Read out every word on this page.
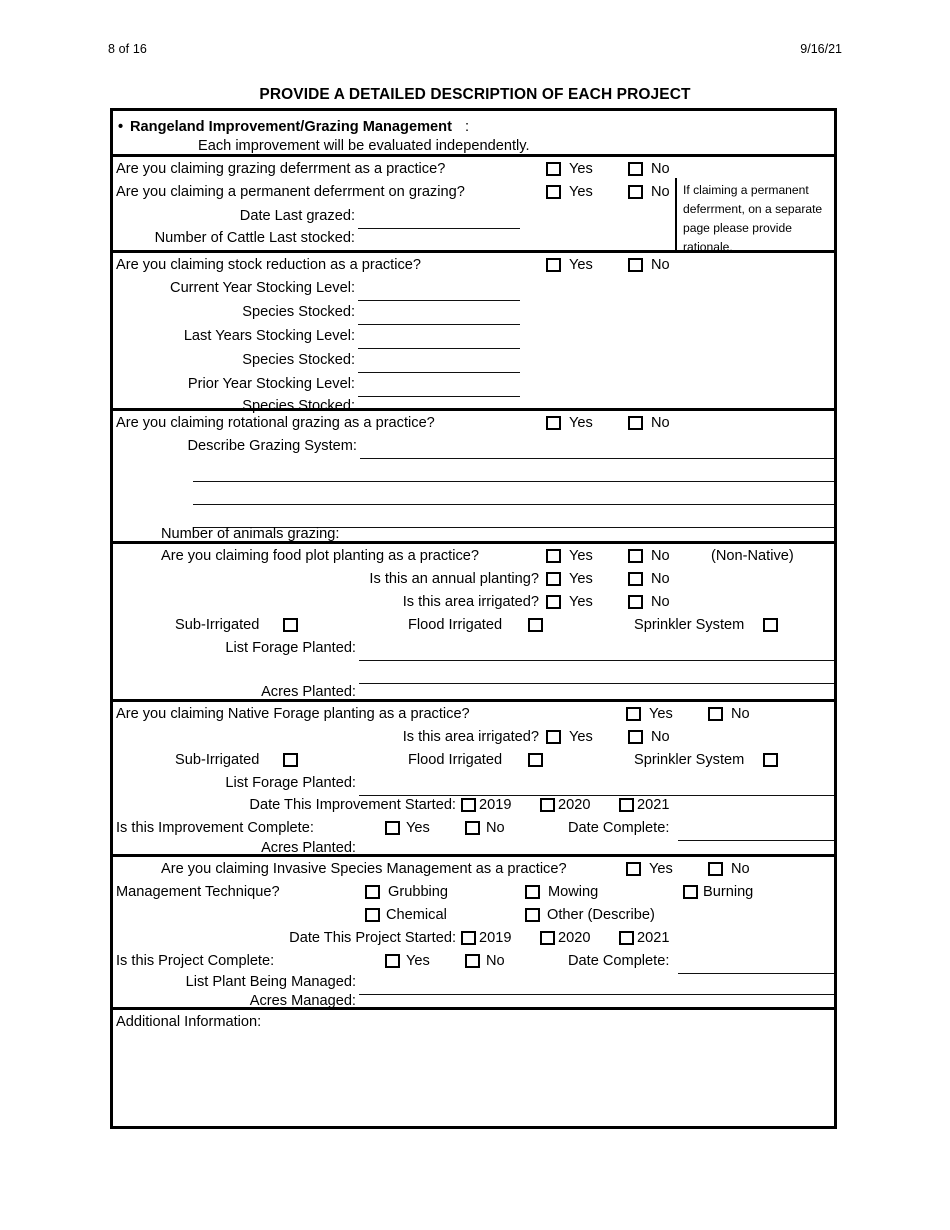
8 of 16	9/16/21
PROVIDE A DETAILED DESCRIPTION OF EACH PROJECT
• Rangeland Improvement/Grazing Management :
Each improvement will be evaluated independently.
Are you claiming grazing deferrment as a practice?	Yes	No
Are you claiming a permanent deferrment on grazing?	Yes	No
Date Last grazed:
Number of Cattle Last stocked:
If claiming a permanent deferrment, on a separate page please provide rationale.
Are you claiming stock reduction as a practice?	Yes	No
Current Year Stocking Level:
Species Stocked:
Last Years Stocking Level:
Species Stocked:
Prior Year Stocking Level:
Species Stocked:
Are you claiming rotational grazing as a practice?	Yes	No
Describe Grazing System:
Number of animals grazing:
Are you claiming food plot planting as a practice?	Yes	No	(Non-Native)
Is this an annual planting? Yes	No
Is this area irrigated? Yes	No
Sub-Irrigated	Flood Irrigated	Sprinkler System
List Forage Planted:
Acres Planted:
Are you claiming Native Forage planting as a practice?	Yes	No
Is this area irrigated? Yes	No
Sub-Irrigated	Flood Irrigated	Sprinkler System
List Forage Planted:
Date This Improvement Started: 2019	2020	2021
Is this Improvement Complete:	Yes	No	Date Complete:
Acres Planted:
Are you claiming Invasive Species Management as a practice?	Yes	No
Management Technique?	Grubbing	Mowing	Burning
Chemical	Other (Describe)
Date This Project Started: 2019	2020	2021
Is this Project Complete:	Yes	No	Date Complete:
List Plant Being Managed:
Acres Managed:
Additional Information:
